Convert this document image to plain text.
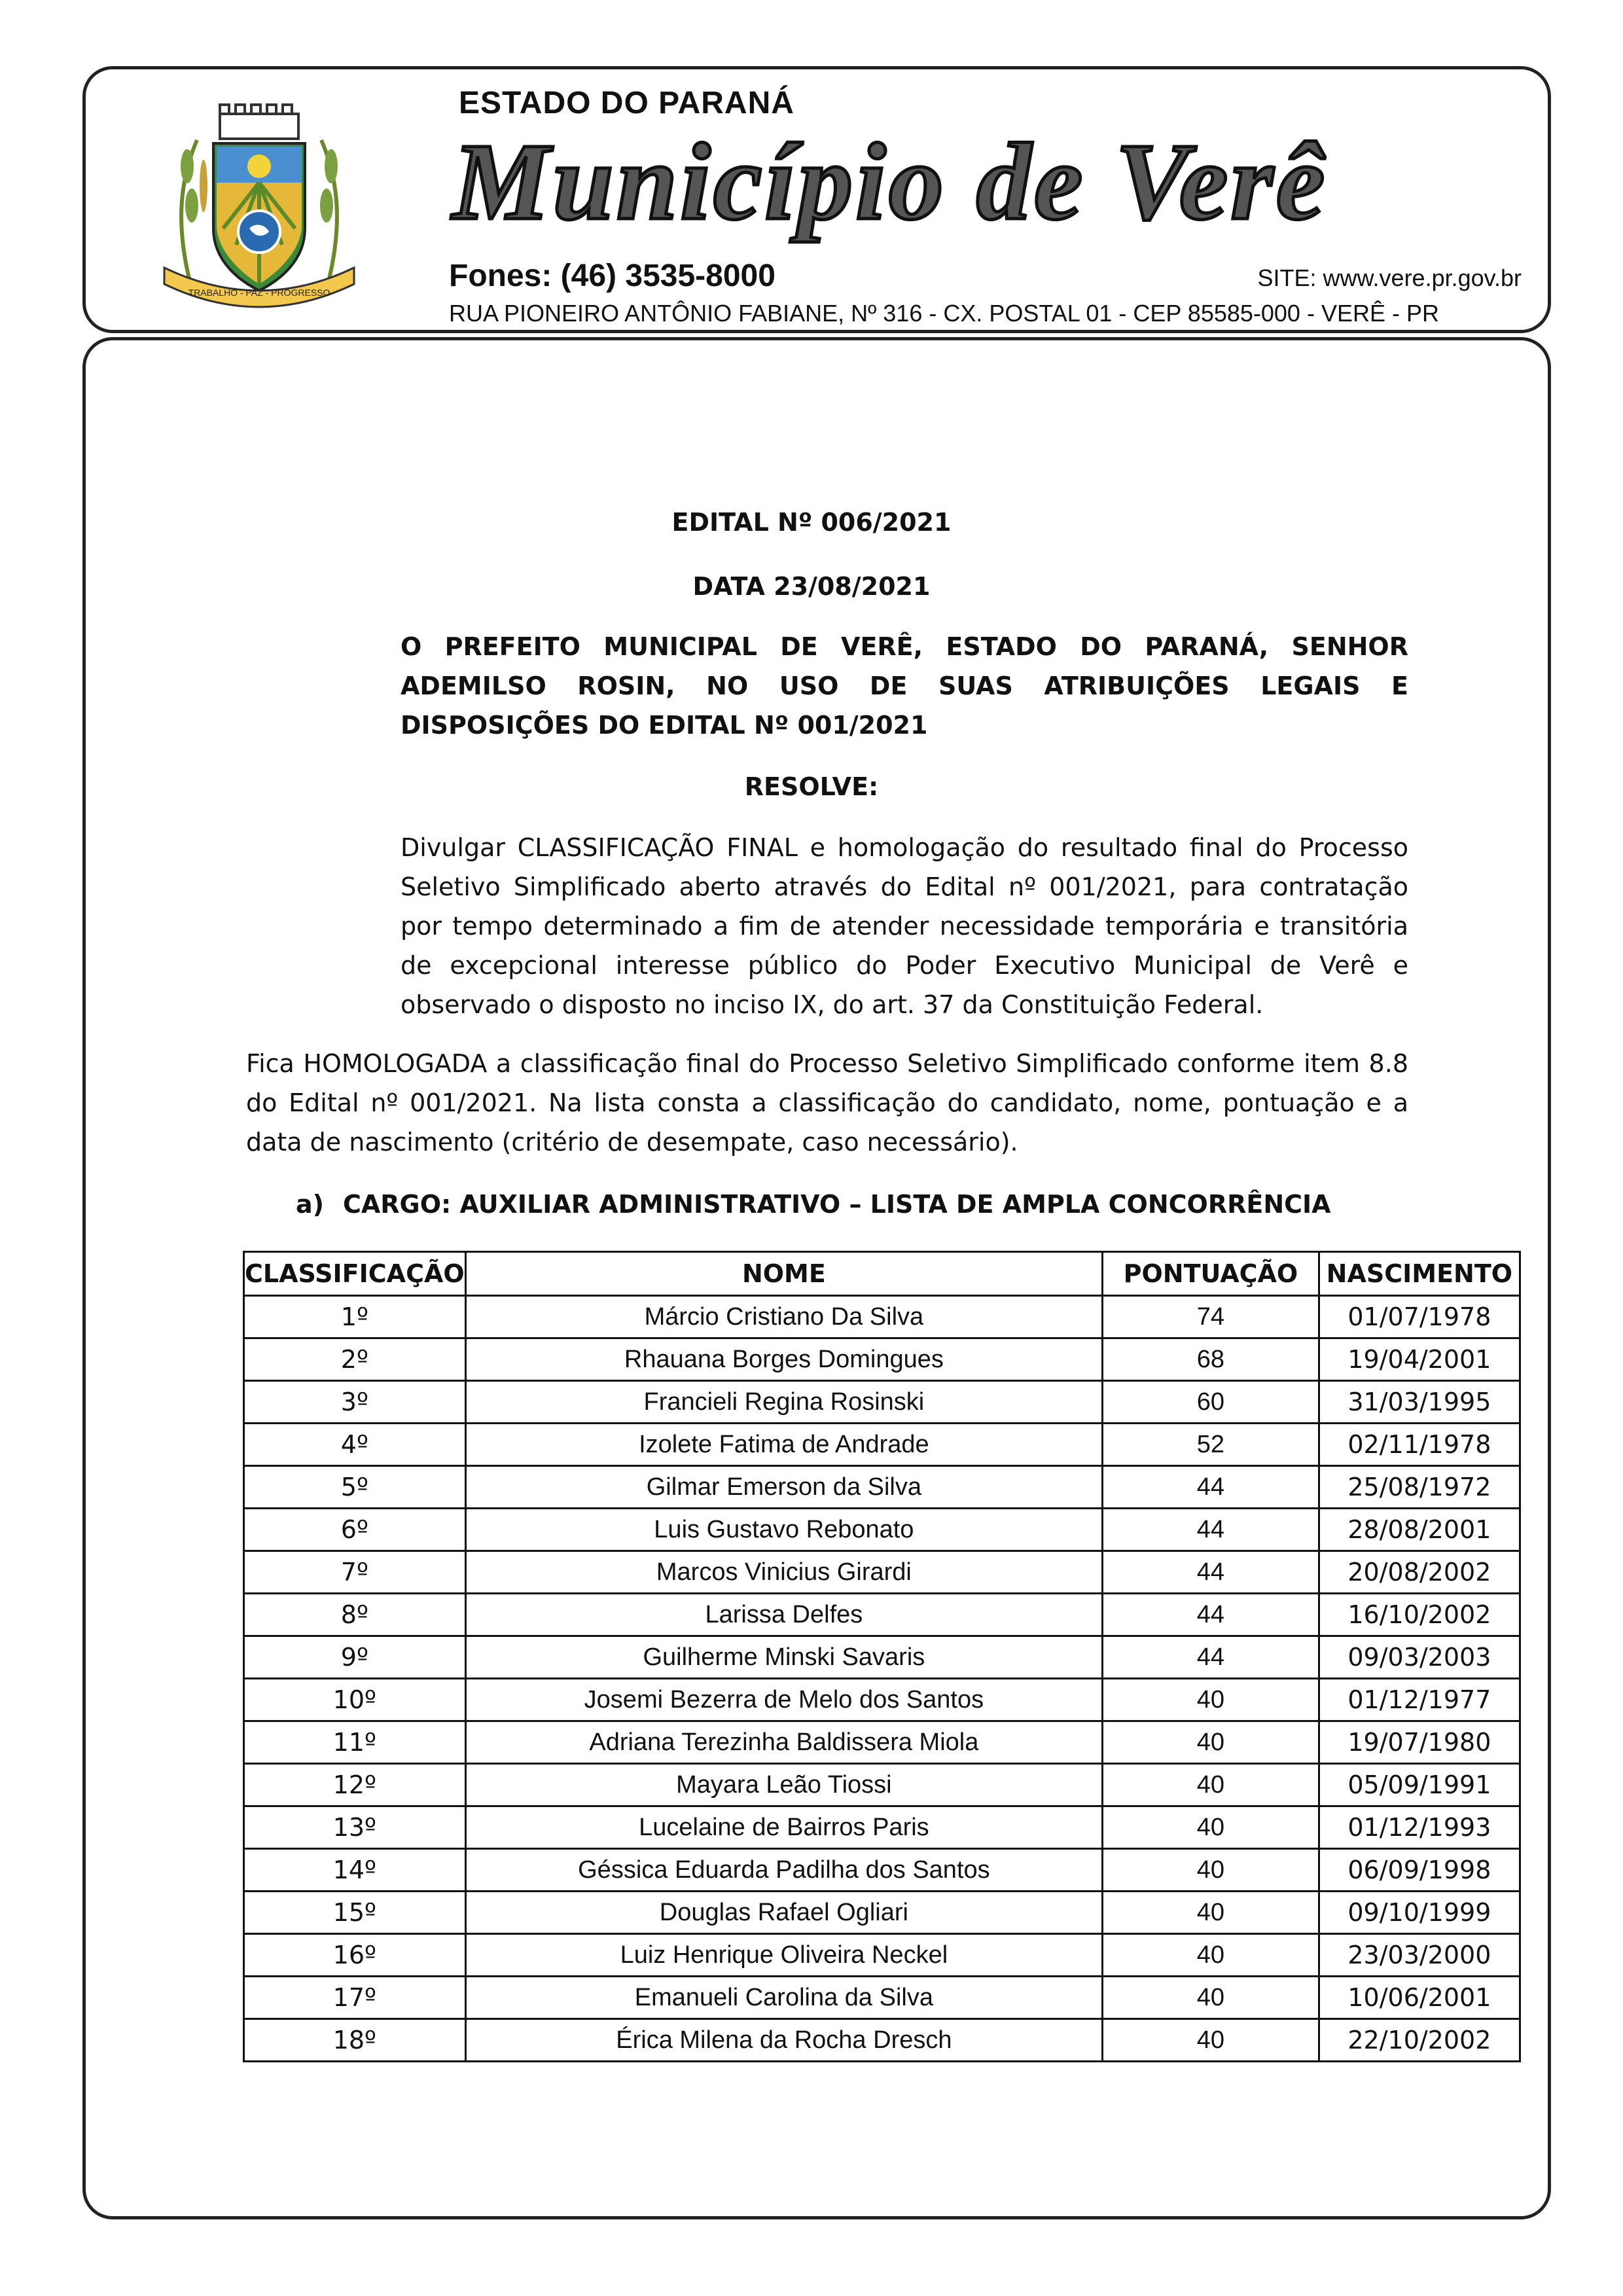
TRABALHO - PAZ - PROGRESSO
ESTADO DO PARANÁ
Município de Verê
Fones: (46) 3535-8000	SITE: www.vere.pr.gov.br
RUA PIONEIRO ANTÔNIO FABIANE, Nº 316 - CX. POSTAL 01 - CEP 85585-000 - VERÊ - PR
EDITAL Nº 006/2021
DATA 23/08/2021
O PREFEITO MUNICIPAL DE VERÊ, ESTADO DO PARANÁ, SENHOR ADEMILSO ROSIN, NO USO DE SUAS ATRIBUIÇÕES LEGAIS E DISPOSIÇÕES DO EDITAL Nº 001/2021
RESOLVE:
Divulgar CLASSIFICAÇÃO FINAL e homologação do resultado final do Processo Seletivo Simplificado aberto através do Edital nº 001/2021, para contratação por tempo determinado a fim de atender necessidade temporária e transitória de excepcional interesse público do Poder Executivo Municipal de Verê e observado o disposto no inciso IX, do art. 37 da Constituição Federal.
Fica HOMOLOGADA a classificação final do Processo Seletivo Simplificado conforme item 8.8 do Edital nº 001/2021. Na lista consta a classificação do candidato, nome, pontuação e a data de nascimento (critério de desempate, caso necessário).
a) CARGO: AUXILIAR ADMINISTRATIVO – LISTA DE AMPLA CONCORRÊNCIA
CLASSIFICAÇÃO	NOME	PONTUAÇÃO	NASCIMENTO
1º	Márcio Cristiano Da Silva	74	01/07/1978
2º	Rhauana Borges Domingues	68	19/04/2001
3º	Francieli Regina Rosinski	60	31/03/1995
4º	Izolete Fatima de Andrade	52	02/11/1978
5º	Gilmar Emerson da Silva	44	25/08/1972
6º	Luis Gustavo Rebonato	44	28/08/2001
7º	Marcos Vinicius Girardi	44	20/08/2002
8º	Larissa Delfes	44	16/10/2002
9º	Guilherme Minski Savaris	44	09/03/2003
10º	Josemi Bezerra de Melo dos Santos	40	01/12/1977
11º	Adriana Terezinha Baldissera Miola	40	19/07/1980
12º	Mayara Leão Tiossi	40	05/09/1991
13º	Lucelaine de Bairros Paris	40	01/12/1993
14º	Géssica Eduarda Padilha dos Santos	40	06/09/1998
15º	Douglas Rafael Ogliari	40	09/10/1999
16º	Luiz Henrique Oliveira Neckel	40	23/03/2000
17º	Emanueli Carolina da Silva	40	10/06/2001
18º	Érica Milena da Rocha Dresch	40	22/10/2002
